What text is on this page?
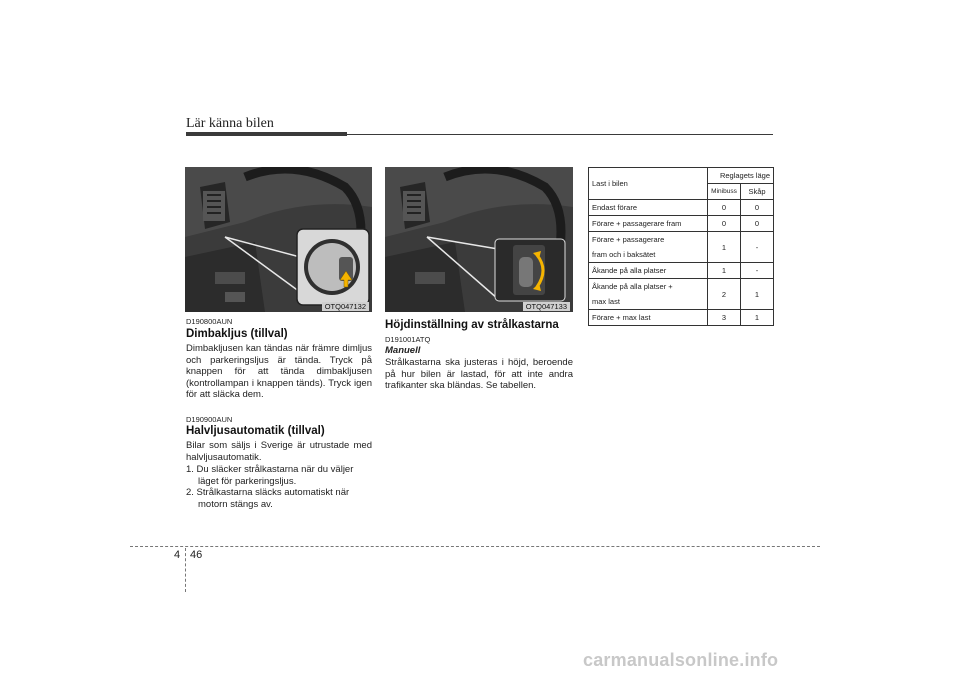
Lär känna bilen
OTQ047132	OTQ047133
D190800AUN
Dimbakljus (tillval)
Dimbakljusen kan tändas när främre dimljus och parkeringsljus är tända. Tryck på knappen för att tända dimbakljusen (kontrollampan i knappen tänds). Tryck igen för att släcka dem.
D190900AUN
Halvljusautomatik (tillval)
Bilar som säljs i Sverige är utrustade med halvljusautomatik.
1. Du släcker strålkastarna när du väljer läget för parkeringsljus.
2. Strålkastarna släcks automatiskt när motorn stängs av.
Höjdinställning av strålkastarna
D191001ATQ
Manuell
Strålkastarna ska justeras i höjd, beroende på hur bilen är lastad, för att inte andra trafikanter ska bländas. Se tabellen.
Last i bilen	Reglagets läge	
	Minibuss	Skåp
Endast förare	0	0
Förare + passagerare fram	0	0
Förare + passagerare
fram och i baksätet	1	-
Åkande på alla platser	1	-
Åkande på alla platser +
max last	2	1
Förare + max last	3	1
4 46
carmanualsonline.info
